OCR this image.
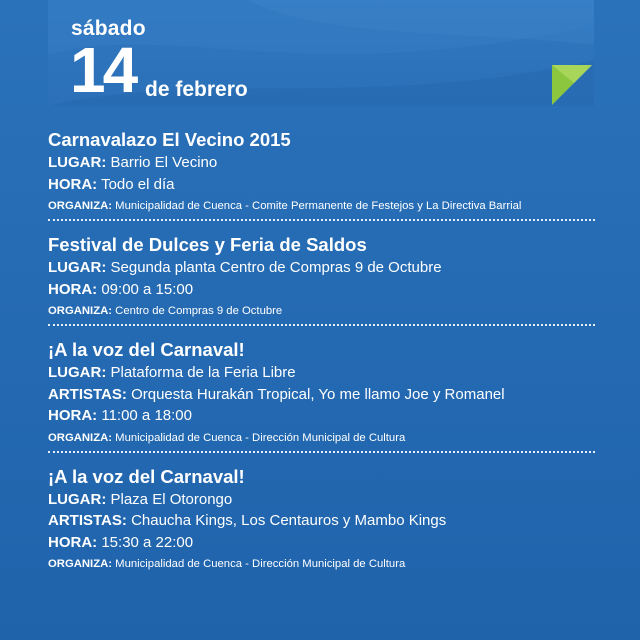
sábado
14 de febrero
Carnavalazo El Vecino 2015
LUGAR: Barrio El Vecino
HORA: Todo el día
ORGANIZA: Municipalidad de Cuenca - Comite Permanente de Festejos y La Directiva Barrial
Festival de Dulces y Feria de Saldos
LUGAR: Segunda planta Centro de Compras 9 de Octubre
HORA: 09:00 a 15:00
ORGANIZA: Centro de Compras 9 de Octubre
¡A la voz del Carnaval!
LUGAR: Plataforma de la Feria Libre
ARTISTAS: Orquesta Hurakán Tropical, Yo me llamo Joe y Romanel
HORA: 11:00 a 18:00
ORGANIZA: Municipalidad de Cuenca - Dirección Municipal de Cultura
¡A la voz del Carnaval!
LUGAR: Plaza El Otorongo
ARTISTAS: Chaucha Kings, Los Centauros y Mambo Kings
HORA: 15:30 a 22:00
ORGANIZA: Municipalidad de Cuenca - Dirección Municipal de Cultura
